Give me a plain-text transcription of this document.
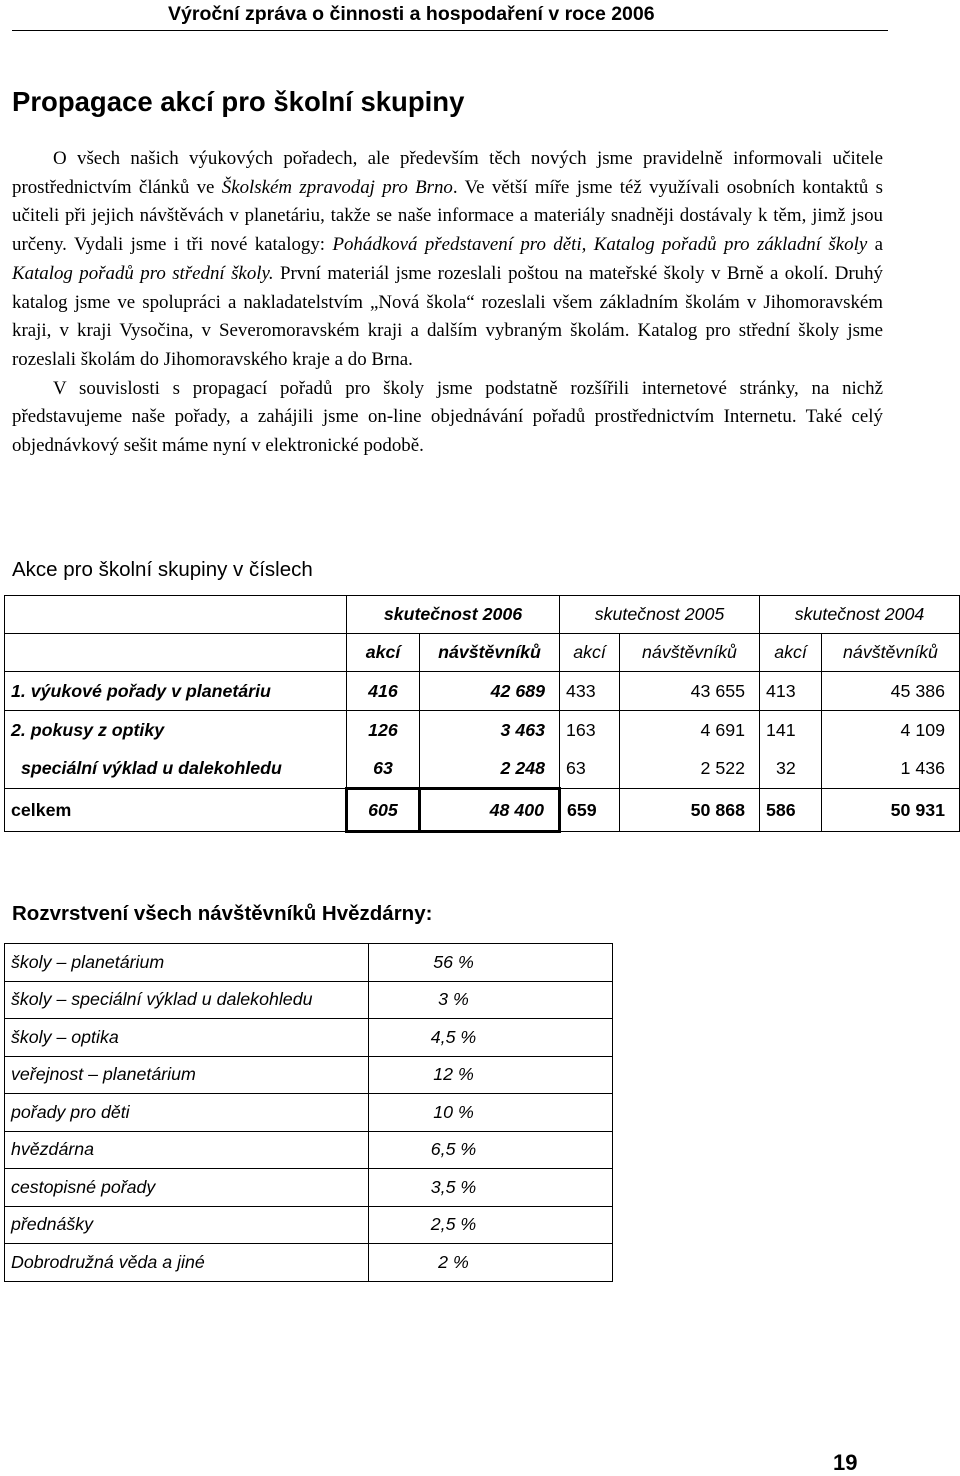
Výroční zpráva o činnosti a hospodaření v roce 2006
Propagace akcí pro školní skupiny

O všech našich výukových pořadech, ale především těch nových jsme pravidelně informovali učitele prostřednictvím článků ve Školském zpravodaj pro Brno. Ve větší míře jsme též využívali osobních kontaktů s učiteli při jejich návštěvách v planetáriu, takže se naše informace a materiály snadněji dostávaly k těm, jimž jsou určeny. Vydali jsme i tři nové katalogy: Pohádková představení pro děti, Katalog pořadů pro základní školy a Katalog pořadů pro střední školy. První materiál jsme rozeslali poštou na mateřské školy v Brně a okolí. Druhý katalog jsme ve spolupráci a nakladatelstvím „Nová škola“ rozeslali všem základním školám v Jihomoravském kraji, v kraji Vysočina, v Severomoravském kraji a dalším vybraným školám. Katalog pro střední školy jsme rozeslali školám do Jihomoravského kraje a do Brna.

V souvislosti s propagací pořadů pro školy jsme podstatně rozšířili internetové stránky, na nichž představujeme naše pořady, a zahájili jsme on-line objednávání pořadů prostřednictvím Internetu. Také celý objednávkový sešit máme nyní v elektronické podobě.

Akce pro školní skupiny v číslech
	skutečnost 2006		skutečnost 2005		skutečnost 2004	
	akcí	návštěvníků	akcí	návštěvníků	akcí	návštěvníků
1. výukové pořady v planetáriu	416	42 689	433	43 655	413	45 386
2. pokusy z optiky	126	3 463	163	4 691	141	4 109
speciální výklad u dalekohledu	63	2 248	63	2 522	32	1 436
celkem	605	48 400	659	50 868	586	50 931
Rozvrstvení všech návštěvníků Hvězdárny:
školy – planetárium	56 %
školy – speciální výklad u dalekohledu	3 %
školy – optika	4,5 %
veřejnost – planetárium	12 %
pořady pro děti	10 %
hvězdárna	6,5 %
cestopisné pořady	3,5 %
přednášky	2,5 %
Dobrodružná věda a jiné	2 %
19
